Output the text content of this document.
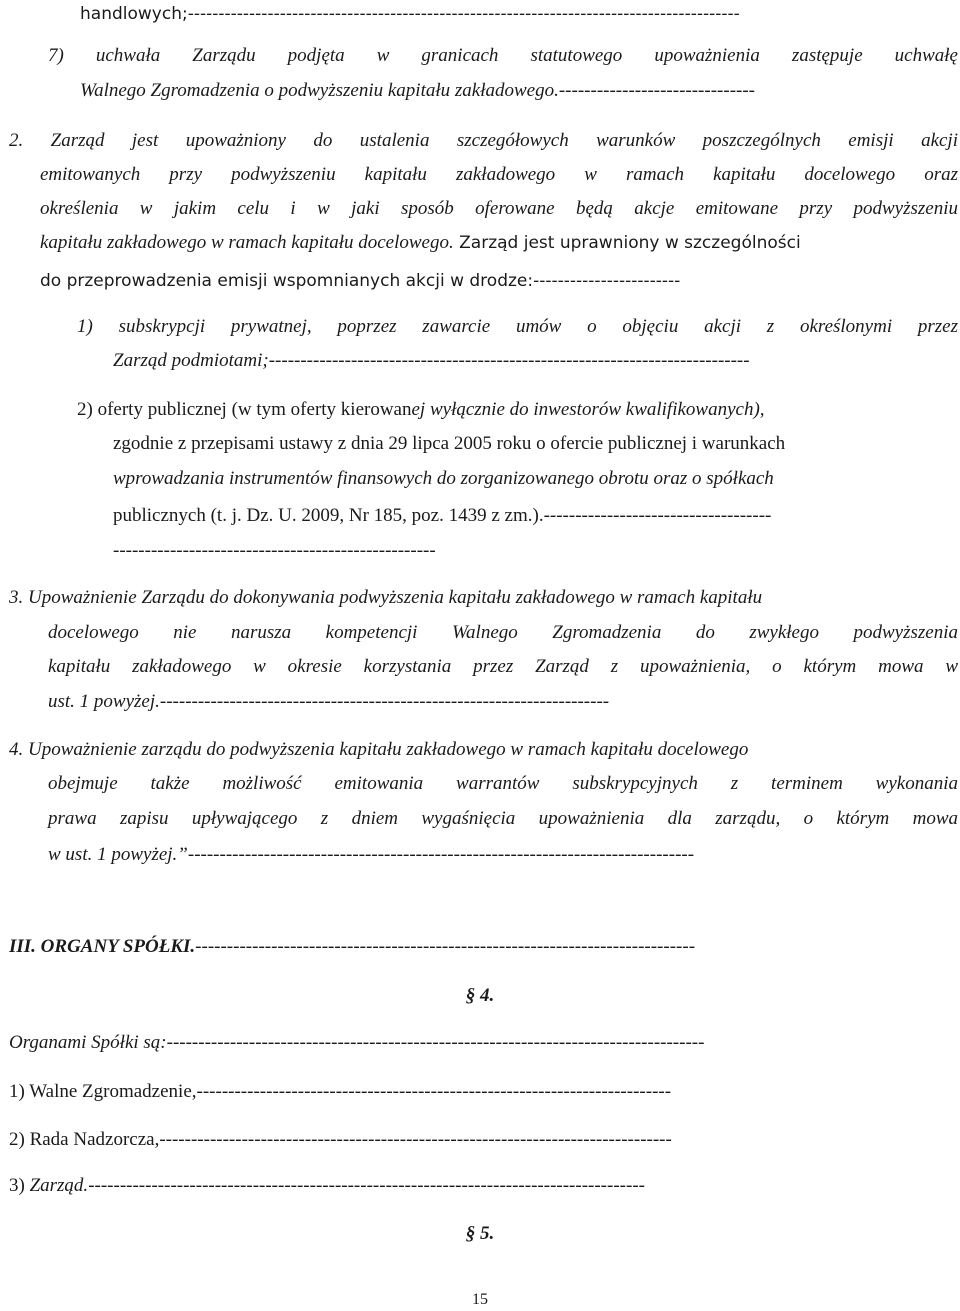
handlowych;------------------------------------------------------------------------------------------
7) uchwała Zarządu podjęta w granicach statutowego upoważnienia zastępuje uchwałę
Walnego Zgromadzenia o podwyższeniu kapitału zakładowego.-------------------------------
2. Zarząd jest upoważniony do ustalenia szczegółowych warunków poszczególnych emisji akcji
emitowanych przy podwyższeniu kapitału zakładowego w ramach kapitału docelowego oraz
określenia w jakim celu i w jaki sposób oferowane będą akcje emitowane przy podwyższeniu
kapitału zakładowego w ramach kapitału docelowego. Zarząd jest uprawniony w szczególności
do przeprowadzenia emisji wspomnianych akcji w drodze:------------------------
1) subskrypcji prywatnej, poprzez zawarcie umów o objęciu akcji z określonymi przez
Zarząd podmiotami;----------------------------------------------------------------------------
2) oferty publicznej (w tym oferty kierowanej wyłącznie do inwestorów kwalifikowanych),
zgodnie z przepisami ustawy z dnia 29 lipca 2005 roku o ofercie publicznej i warunkach
wprowadzania instrumentów finansowych do zorganizowanego obrotu oraz o spółkach
publicznych (t. j. Dz. U. 2009, Nr 185, poz. 1439 z zm.).------------------------------------
---------------------------------------------------
3. Upoważnienie Zarządu do dokonywania podwyższenia kapitału zakładowego w ramach kapitału
docelowego nie narusza kompetencji Walnego Zgromadzenia do zwykłego podwyższenia
kapitału zakładowego w okresie korzystania przez Zarząd z upoważnienia, o którym mowa w
ust. 1 powyżej.-----------------------------------------------------------------------
4. Upoważnienie zarządu do podwyższenia kapitału zakładowego w ramach kapitału docelowego
obejmuje także możliwość emitowania warrantów subskrypcyjnych z terminem wykonania
prawa zapisu upływającego z dniem wygaśnięcia upoważnienia dla zarządu, o którym mowa
w ust. 1 powyżej.”--------------------------------------------------------------------------------
III. ORGANY SPÓŁKI.-------------------------------------------------------------------------------
§ 4.
Organami Spółki są:-------------------------------------------------------------------------------------
1) Walne Zgromadzenie,---------------------------------------------------------------------------
2) Rada Nadzorcza,---------------------------------------------------------------------------------
3) Zarząd.----------------------------------------------------------------------------------------
§ 5.
15
